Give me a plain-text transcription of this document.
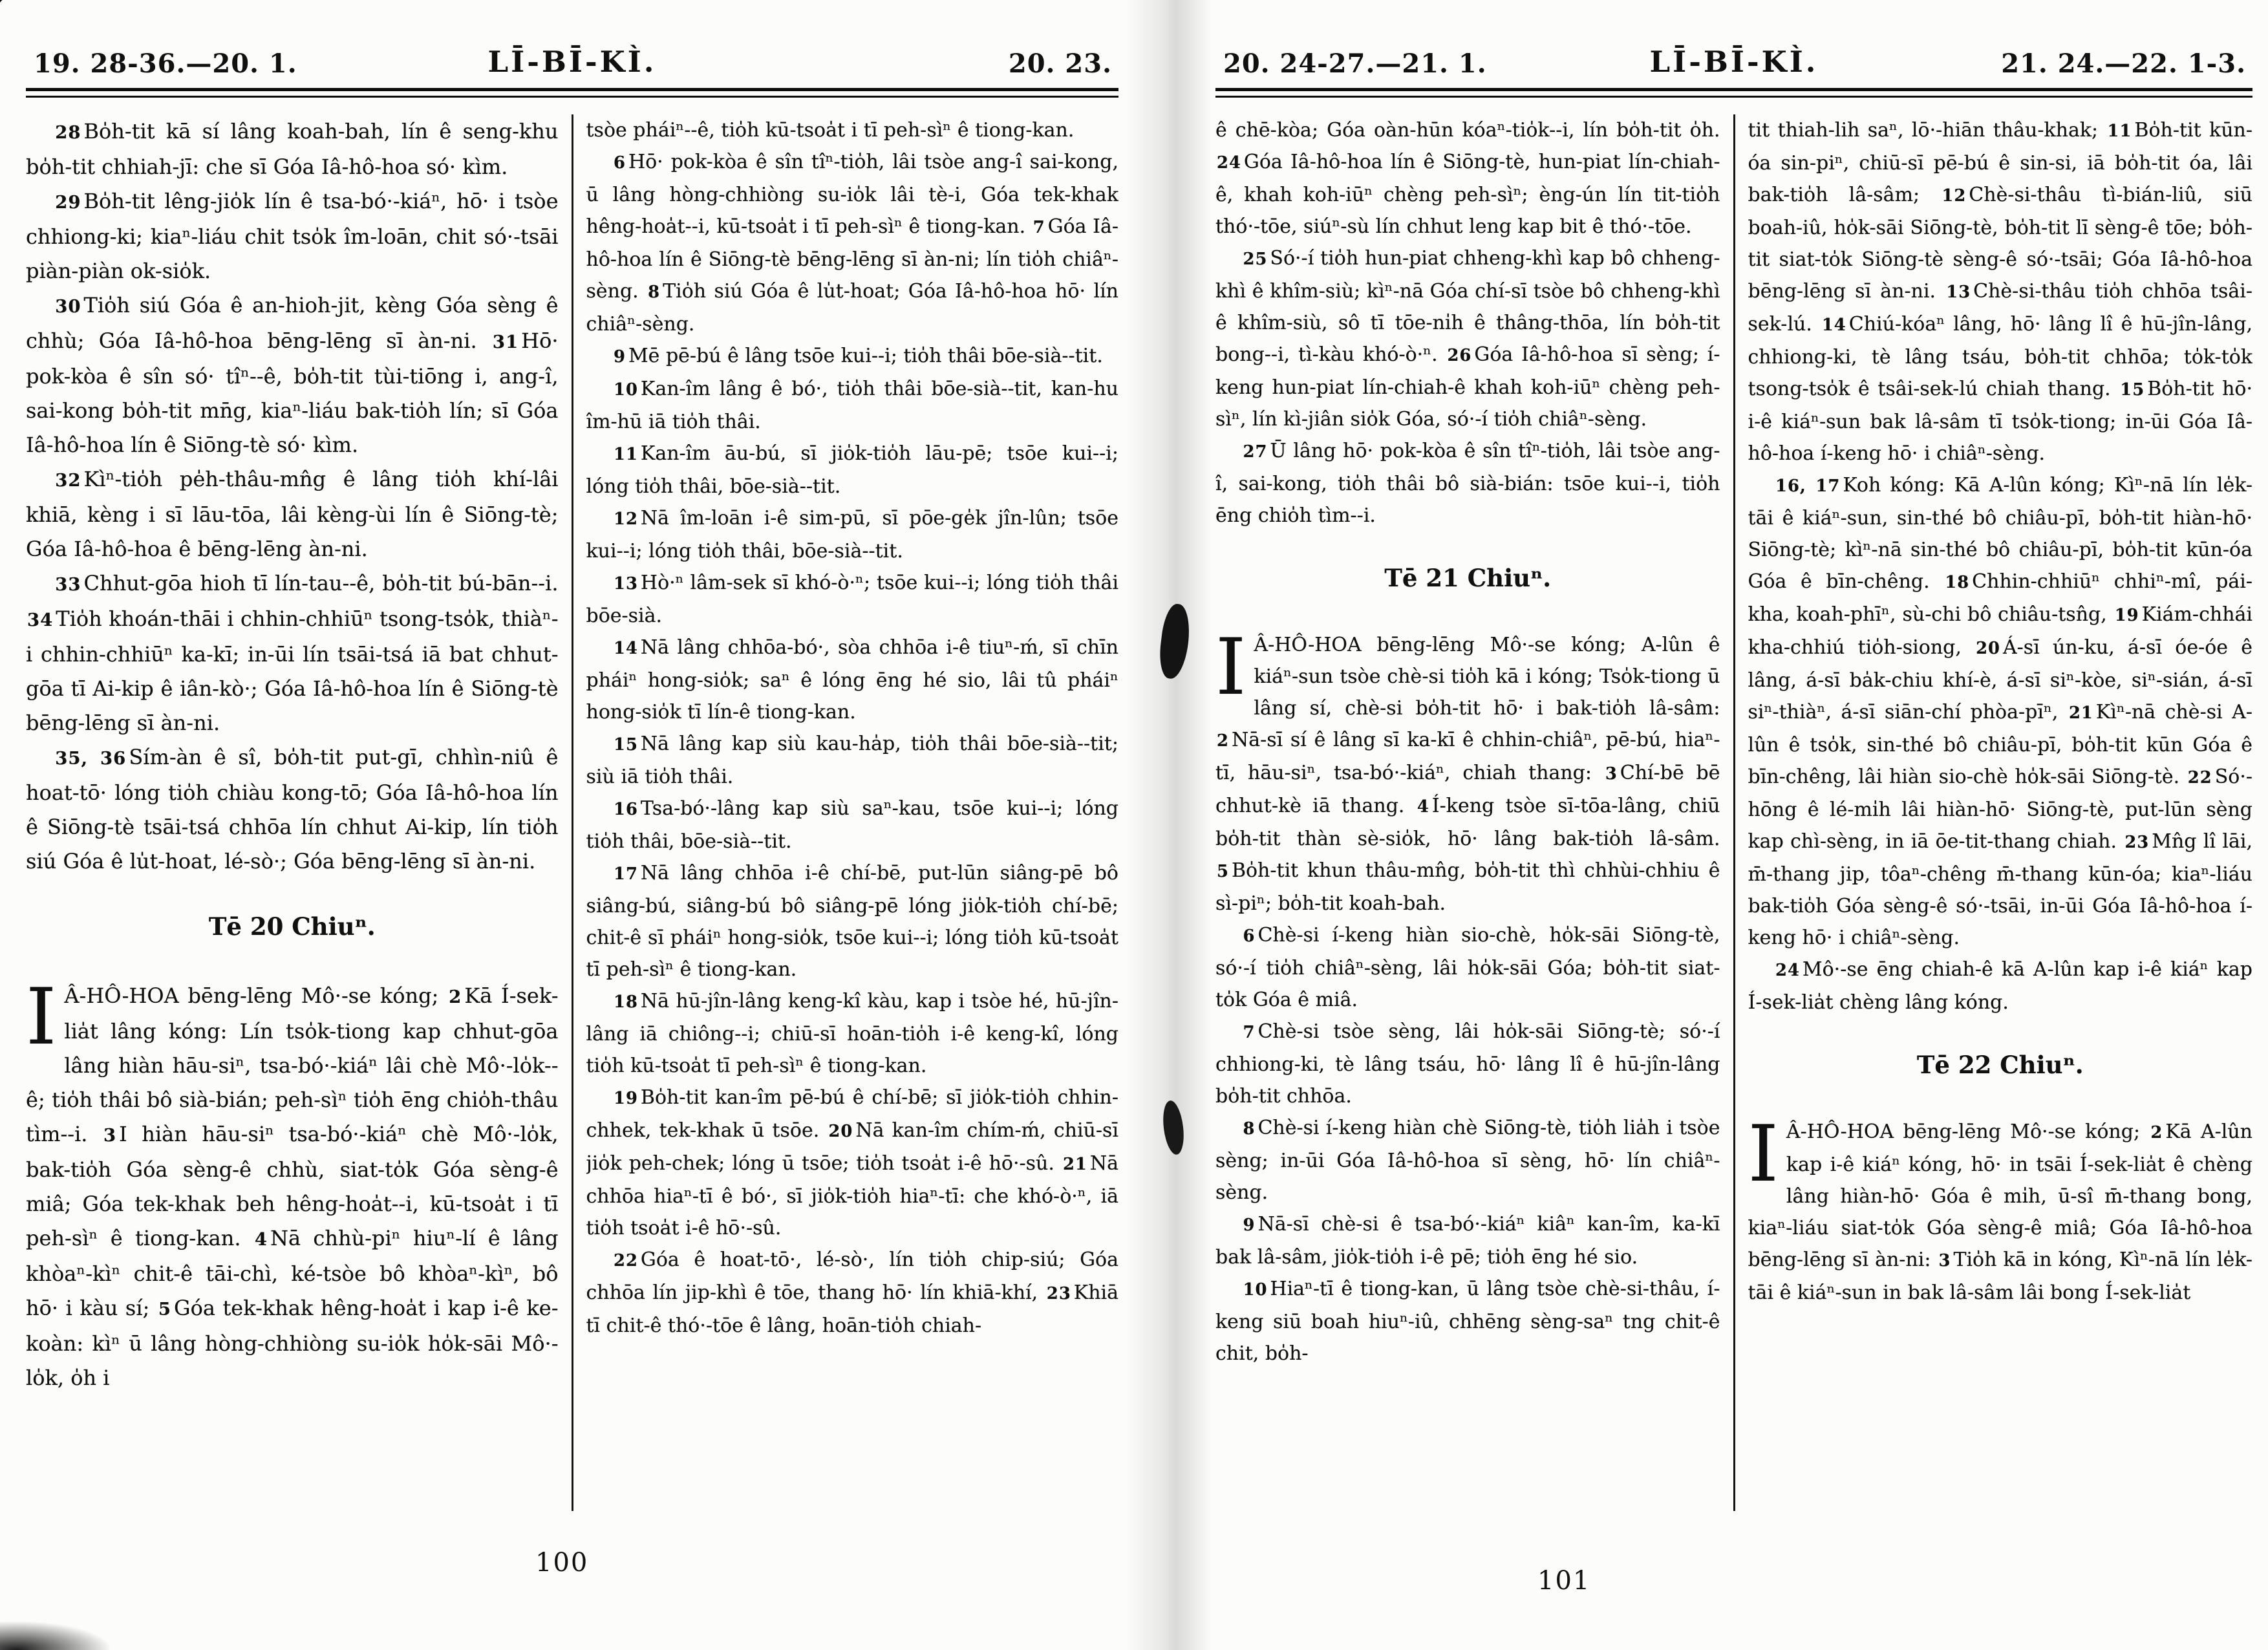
19. 28-36.—20. 1.	LĪ-BĪ-KÌ.	20. 23.

28 Bo̍h-tit kā sí lâng koah-bah, lín ê seng-khu bo̍h-tit chhiah-jī: che sī Góa Iâ-hô-hoa só· kìm.

29 Bo̍h-tit lêng-jio̍k lín ê tsa-bó·-kiáⁿ, hō· i tsòe chhiong-ki; kiaⁿ-liáu chit tso̍k îm-loān, chit só·-tsāi piàn-piàn ok-sio̍k.

30 Tio̍h siú Góa ê an-hioh-jit, kèng Góa sèng ê chhù; Góa Iâ-hô-hoa bēng-lēng sī àn-ni. 31 Hō· pok-kòa ê sîn só· tîⁿ--ê, bo̍h-tit tùi-tiōng i, ang-î, sai-kong bo̍h-tit mn̄g, kiaⁿ-liáu bak-tio̍h lín; sī Góa Iâ-hô-hoa lín ê Siōng-tè só· kìm.

32 Kìⁿ-tio̍h pe̍h-thâu-mn̂g ê lâng tio̍h khí-lâi khiā, kèng i sī lāu-tōa, lâi kèng-ùi lín ê Siōng-tè; Góa Iâ-hô-hoa ê bēng-lēng àn-ni.

33 Chhut-gōa hioh tī lín-tau--ê, bo̍h-tit bú-bān--i. 34 Tio̍h khoán-thāi i chhin-chhiūⁿ tsong-tso̍k, thiàⁿ-i chhin-chhiūⁿ ka-kī; in-ūi lín tsāi-tsá iā bat chhut-gōa tī Ai-kip ê iân-kò·; Góa Iâ-hô-hoa lín ê Siōng-tè bēng-lēng sī àn-ni.

35, 36 Sím-àn ê sî, bo̍h-tit put-gī, chhìn-niû ê hoat-tō· lóng tio̍h chiàu kong-tō; Góa Iâ-hô-hoa lín ê Siōng-tè tsāi-tsá chhōa lín chhut Ai-kip, lín tio̍h siú Góa ê lu̍t-hoat, lé-sò·; Góa bēng-lēng sī àn-ni.

Tē 20 Chiuⁿ.

I Â-HÔ-HOA bēng-lēng Mô·-se kóng; 2 Kā Í-sek-lia̍t lâng kóng: Lín tso̍k-tiong kap chhut-gōa lâng hiàn hāu-siⁿ, tsa-bó·-kiáⁿ lâi chè Mô·-lo̍k--ê; tio̍h thâi bô sià-bián; peh-sìⁿ tio̍h ēng chio̍h-thâu tìm--i. 3 I hiàn hāu-siⁿ tsa-bó·-kiáⁿ chè Mô·-lo̍k, bak-tio̍h Góa sèng-ê chhù, siat-to̍k Góa sèng-ê miâ; Góa tek-khak beh hêng-hoa̍t--i, kū-tsoa̍t i tī peh-sìⁿ ê tiong-kan. 4 Nā chhù-piⁿ hiuⁿ-lí ê lâng khòaⁿ-kìⁿ chit-ê tāi-chì, ké-tsòe bô khòaⁿ-kìⁿ, bô hō· i kàu sí; 5 Góa tek-khak hêng-hoa̍t i kap i-ê ke-koàn: kìⁿ ū lâng hòng-chhiòng su-io̍k ho̍k-sāi Mô·-lo̍k, o̍h i

tsòe pháiⁿ--ê, tio̍h kū-tsoa̍t i tī peh-sìⁿ ê tiong-kan.

6 Hō· pok-kòa ê sîn tîⁿ-tio̍h, lâi tsòe ang-î sai-kong, ū lâng hòng-chhiòng su-io̍k lâi tè-i, Góa tek-khak hêng-hoa̍t--i, kū-tsoa̍t i tī peh-sìⁿ ê tiong-kan. 7 Góa Iâ-hô-hoa lín ê Siōng-tè bēng-lēng sī àn-ni; lín tio̍h chiâⁿ-sèng. 8 Tio̍h siú Góa ê lu̍t-hoat; Góa Iâ-hô-hoa hō· lín chiâⁿ-sèng.

9 Mē pē-bú ê lâng tsōe kui--i; tio̍h thâi bōe-sià--tit.

10 Kan-îm lâng ê bó·, tio̍h thâi bōe-sià--tit, kan-hu îm-hū iā tio̍h thâi.

11 Kan-îm āu-bú, sī jio̍k-tio̍h lāu-pē; tsōe kui--i; lóng tio̍h thâi, bōe-sià--tit.

12 Nā îm-loān i-ê sim-pū, sī pōe-ge̍k jîn-lûn; tsōe kui--i; lóng tio̍h thâi, bōe-sià--tit.

13 Hò·ⁿ lâm-sek sī khó-ò·ⁿ; tsōe kui--i; lóng tio̍h thâi bōe-sià.

14 Nā lâng chhōa-bó·, sòa chhōa i-ê tiuⁿ-ḿ, sī chīn pháiⁿ hong-sio̍k; saⁿ ê lóng ēng hé sio, lâi tû pháiⁿ hong-sio̍k tī lín-ê tiong-kan.

15 Nā lâng kap siù kau-ha̍p, tio̍h thâi bōe-sià--tit; siù iā tio̍h thâi.

16 Tsa-bó·-lâng kap siù saⁿ-kau, tsōe kui--i; lóng tio̍h thâi, bōe-sià--tit.

17 Nā lâng chhōa i-ê chí-bē, put-lūn siâng-pē bô siâng-bú, siâng-bú bô siâng-pē lóng jio̍k-tio̍h chí-bē; chit-ê sī pháiⁿ hong-sio̍k, tsōe kui--i; lóng tio̍h kū-tsoa̍t tī peh-sìⁿ ê tiong-kan.

18 Nā hū-jîn-lâng keng-kî kàu, kap i tsòe hé, hū-jîn-lâng iā chiông--i; chiū-sī hoān-tio̍h i-ê keng-kî, lóng tio̍h kū-tsoa̍t tī peh-sìⁿ ê tiong-kan.

19 Bo̍h-tit kan-îm pē-bú ê chí-bē; sī jio̍k-tio̍h chhin-chhek, tek-khak ū tsōe. 20 Nā kan-îm chím-ḿ, chiū-sī jio̍k peh-chek; lóng ū tsōe; tio̍h tsoa̍t i-ê hō·-sû. 21 Nā chhōa hiaⁿ-tī ê bó·, sī jio̍k-tio̍h hiaⁿ-tī: che khó-ò·ⁿ, iā tio̍h tsoa̍t i-ê hō·-sû.

22 Góa ê hoat-tō·, lé-sò·, lín tio̍h chip-siú; Góa chhōa lín jip-khì ê tōe, thang hō· lín khiā-khí, 23 Khiā tī chit-ê thó·-tōe ê lâng, hoān-tio̍h chiah-

100
20. 24-27.—21. 1.	LĪ-BĪ-KÌ.	21. 24.—22. 1-3.

ê chē-kòa; Góa oàn-hūn kóaⁿ-tio̍k--i, lín bo̍h-tit o̍h. 24 Góa Iâ-hô-hoa lín ê Siōng-tè, hun-piat lín-chiah-ê, khah koh-iūⁿ chèng peh-sìⁿ; èng-ún lín tit-tio̍h thó·-tōe, siúⁿ-sù lín chhut leng kap bit ê thó·-tōe.

25 Só·-í tio̍h hun-piat chheng-khì kap bô chheng-khì ê khîm-siù; kìⁿ-nā Góa chí-sī tsòe bô chheng-khì ê khîm-siù, sô tī tōe-ni̍h ê thâng-thōa, lín bo̍h-tit bong--i, tì-kàu khó-ò·ⁿ. 26 Góa Iâ-hô-hoa sī sèng; í-keng hun-piat lín-chiah-ê khah koh-iūⁿ chèng peh-sìⁿ, lín kì-jiân sio̍k Góa, só·-í tio̍h chiâⁿ-sèng.

27 Ū lâng hō· pok-kòa ê sîn tîⁿ-tio̍h, lâi tsòe ang-î, sai-kong, tio̍h thâi bô sià-bián: tsōe kui--i, tio̍h ēng chio̍h tìm--i.

Tē 21 Chiuⁿ.

I Â-HÔ-HOA bēng-lēng Mô·-se kóng; A-lûn ê kiáⁿ-sun tsòe chè-si tio̍h kā i kóng; Tso̍k-tiong ū lâng sí, chè-si bo̍h-tit hō· i bak-tio̍h lâ-sâm: 2 Nā-sī sí ê lâng sī ka-kī ê chhin-chiâⁿ, pē-bú, hiaⁿ-tī, hāu-siⁿ, tsa-bó·-kiáⁿ, chiah thang: 3 Chí-bē bē chhut-kè iā thang. 4 Í-keng tsòe sī-tōa-lâng, chiū bo̍h-tit thàn sè-sio̍k, hō· lâng bak-tio̍h lâ-sâm. 5 Bo̍h-tit khun thâu-mn̂g, bo̍h-tit thì chhùi-chhiu ê sì-piⁿ; bo̍h-tit koah-bah.

6 Chè-si í-keng hiàn sio-chè, ho̍k-sāi Siōng-tè, só·-í tio̍h chiâⁿ-sèng, lâi ho̍k-sāi Góa; bo̍h-tit siat-to̍k Góa ê miâ.

7 Chè-si tsòe sèng, lâi ho̍k-sāi Siōng-tè; só·-í chhiong-ki, tè lâng tsáu, hō· lâng lî ê hū-jîn-lâng bo̍h-tit chhōa.

8 Chè-si í-keng hiàn chè Siōng-tè, tio̍h lia̍h i tsòe sèng; in-ūi Góa Iâ-hô-hoa sī sèng, hō· lín chiâⁿ-sèng.

9 Nā-sī chè-si ê tsa-bó·-kiáⁿ kiâⁿ kan-îm, ka-kī bak lâ-sâm, jio̍k-tio̍h i-ê pē; tio̍h ēng hé sio.

10 Hiaⁿ-tī ê tiong-kan, ū lâng tsòe chè-si-thâu, í-keng siū boah hiuⁿ-iû, chhēng sèng-saⁿ tng chit-ê chit, bo̍h-

tit thiah-lih saⁿ, lō·-hiān thâu-khak; 11 Bo̍h-tit kūn-óa sin-piⁿ, chiū-sī pē-bú ê sin-si, iā bo̍h-tit óa, lâi bak-tio̍h lâ-sâm; 12 Chè-si-thâu tì-bián-liû, siū boah-iû, ho̍k-sāi Siōng-tè, bo̍h-tit lī sèng-ê tōe; bo̍h-tit siat-to̍k Siōng-tè sèng-ê só·-tsāi; Góa Iâ-hô-hoa bēng-lēng sī àn-ni. 13 Chè-si-thâu tio̍h chhōa tsâi-sek-lú. 14 Chiú-kóaⁿ lâng, hō· lâng lî ê hū-jîn-lâng, chhiong-ki, tè lâng tsáu, bo̍h-tit chhōa; to̍k-to̍k tsong-tso̍k ê tsâi-sek-lú chiah thang. 15 Bo̍h-tit hō· i-ê kiáⁿ-sun bak lâ-sâm tī tso̍k-tiong; in-ūi Góa Iâ-hô-hoa í-keng hō· i chiâⁿ-sèng.

16, 17 Koh kóng: Kā A-lûn kóng; Kìⁿ-nā lín le̍k-tāi ê kiáⁿ-sun, sin-thé bô chiâu-pī, bo̍h-tit hiàn-hō· Siōng-tè; kìⁿ-nā sin-thé bô chiâu-pī, bo̍h-tit kūn-óa Góa ê bīn-chêng. 18 Chhin-chhiūⁿ chhiⁿ-mî, pái-kha, koah-phīⁿ, sù-chi bô chiâu-tsn̂g, 19 Kiám-chhái kha-chhiú tio̍h-siong, 20 Á-sī ún-ku, á-sī óe-óe ê lâng, á-sī ba̍k-chiu khí-è, á-sī siⁿ-kòe, siⁿ-sián, á-sī siⁿ-thiàⁿ, á-sī siān-chí phòa-pīⁿ, 21 Kìⁿ-nā chè-si A-lûn ê tso̍k, sin-thé bô chiâu-pī, bo̍h-tit kūn Góa ê bīn-chêng, lâi hiàn sio-chè ho̍k-sāi Siōng-tè. 22 Só·-hōng ê lé-mi̍h lâi hiàn-hō· Siōng-tè, put-lūn sèng kap chì-sèng, in iā ōe-tit-thang chiah. 23 Mn̂g lî lāi, m̄-thang jip, tôaⁿ-chêng m̄-thang kūn-óa; kiaⁿ-liáu bak-tio̍h Góa sèng-ê só·-tsāi, in-ūi Góa Iâ-hô-hoa í-keng hō· i chiâⁿ-sèng.

24 Mô·-se ēng chiah-ê kā A-lûn kap i-ê kiáⁿ kap Í-sek-lia̍t chèng lâng kóng.

Tē 22 Chiuⁿ.

I Â-HÔ-HOA bēng-lēng Mô·-se kóng; 2 Kā A-lûn kap i-ê kiáⁿ kóng, hō· in tsāi Í-sek-lia̍t ê chèng lâng hiàn-hō· Góa ê mi̍h, ū-sî m̄-thang bong, kiaⁿ-liáu siat-to̍k Góa sèng-ê miâ; Góa Iâ-hô-hoa bēng-lēng sī àn-ni: 3 Tio̍h kā in kóng, Kìⁿ-nā lín le̍k-tāi ê kiáⁿ-sun in bak lâ-sâm lâi bong Í-sek-lia̍t

101
